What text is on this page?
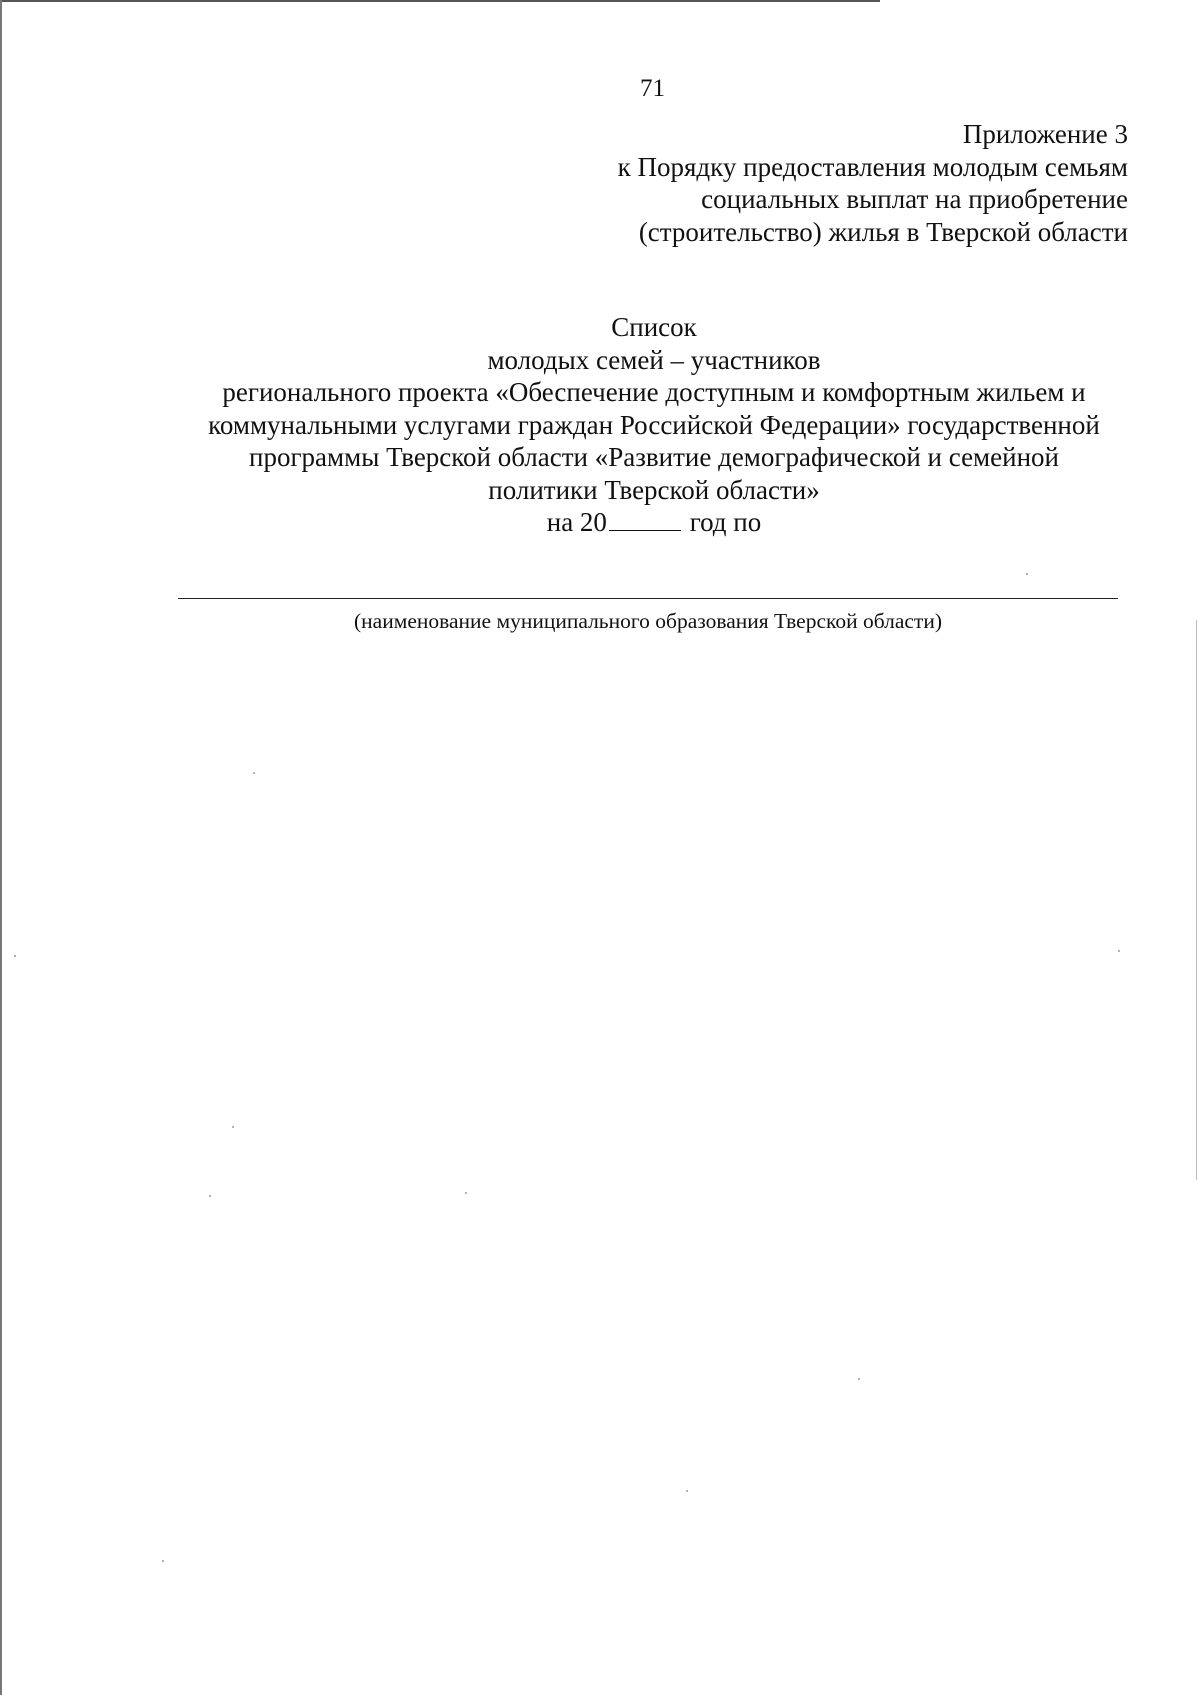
71
Приложение 3
к Порядку предоставления молодым семьям
социальных выплат на приобретение
(строительство) жилья в Тверской области
Список
молодых семей – участников
регионального проекта «Обеспечение доступным и комфортным жильем и
коммунальными услугами граждан Российской Федерации» государственной
программы Тверской области «Развитие демографической и семейной
политики Тверской области»
на 20	год по
(наименование муниципального образования Тверской области)
